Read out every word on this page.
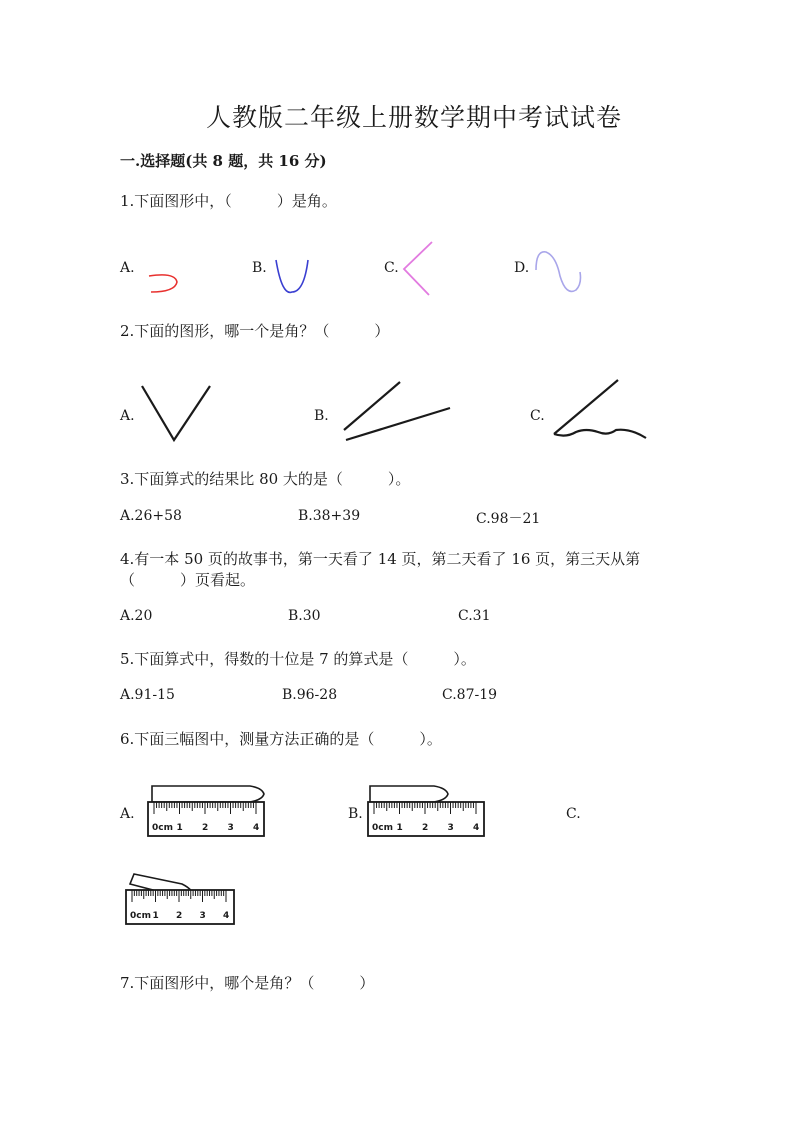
人教版二年级上册数学期中考试试卷
一.选择题(共 8 题，共 16 分)
1.下面图形中，（　　　）是角。
A.	B.	C.	D.
2.下面的图形，哪一个是角？（　　　）
A.	B.	C.
3.下面算式的结果比 80 大的是（　　　）。
A.26+58	B.38+39	C.98－21
4.有一本 50 页的故事书，第一天看了 14 页，第二天看了 16 页，第三天从第
（　　　）页看起。
A.20	B.30	C.31
5.下面算式中，得数的十位是 7 的算式是（　　　）。
A.91-15	B.96-28	C.87-19
6.下面三幅图中，测量方法正确的是（　　　）。
A.	B.	C.
0cm 1 2 3 4	0cm 1 2 3 4
0cm 1 2 3 4
7.下面图形中，哪个是角？（　　　）
